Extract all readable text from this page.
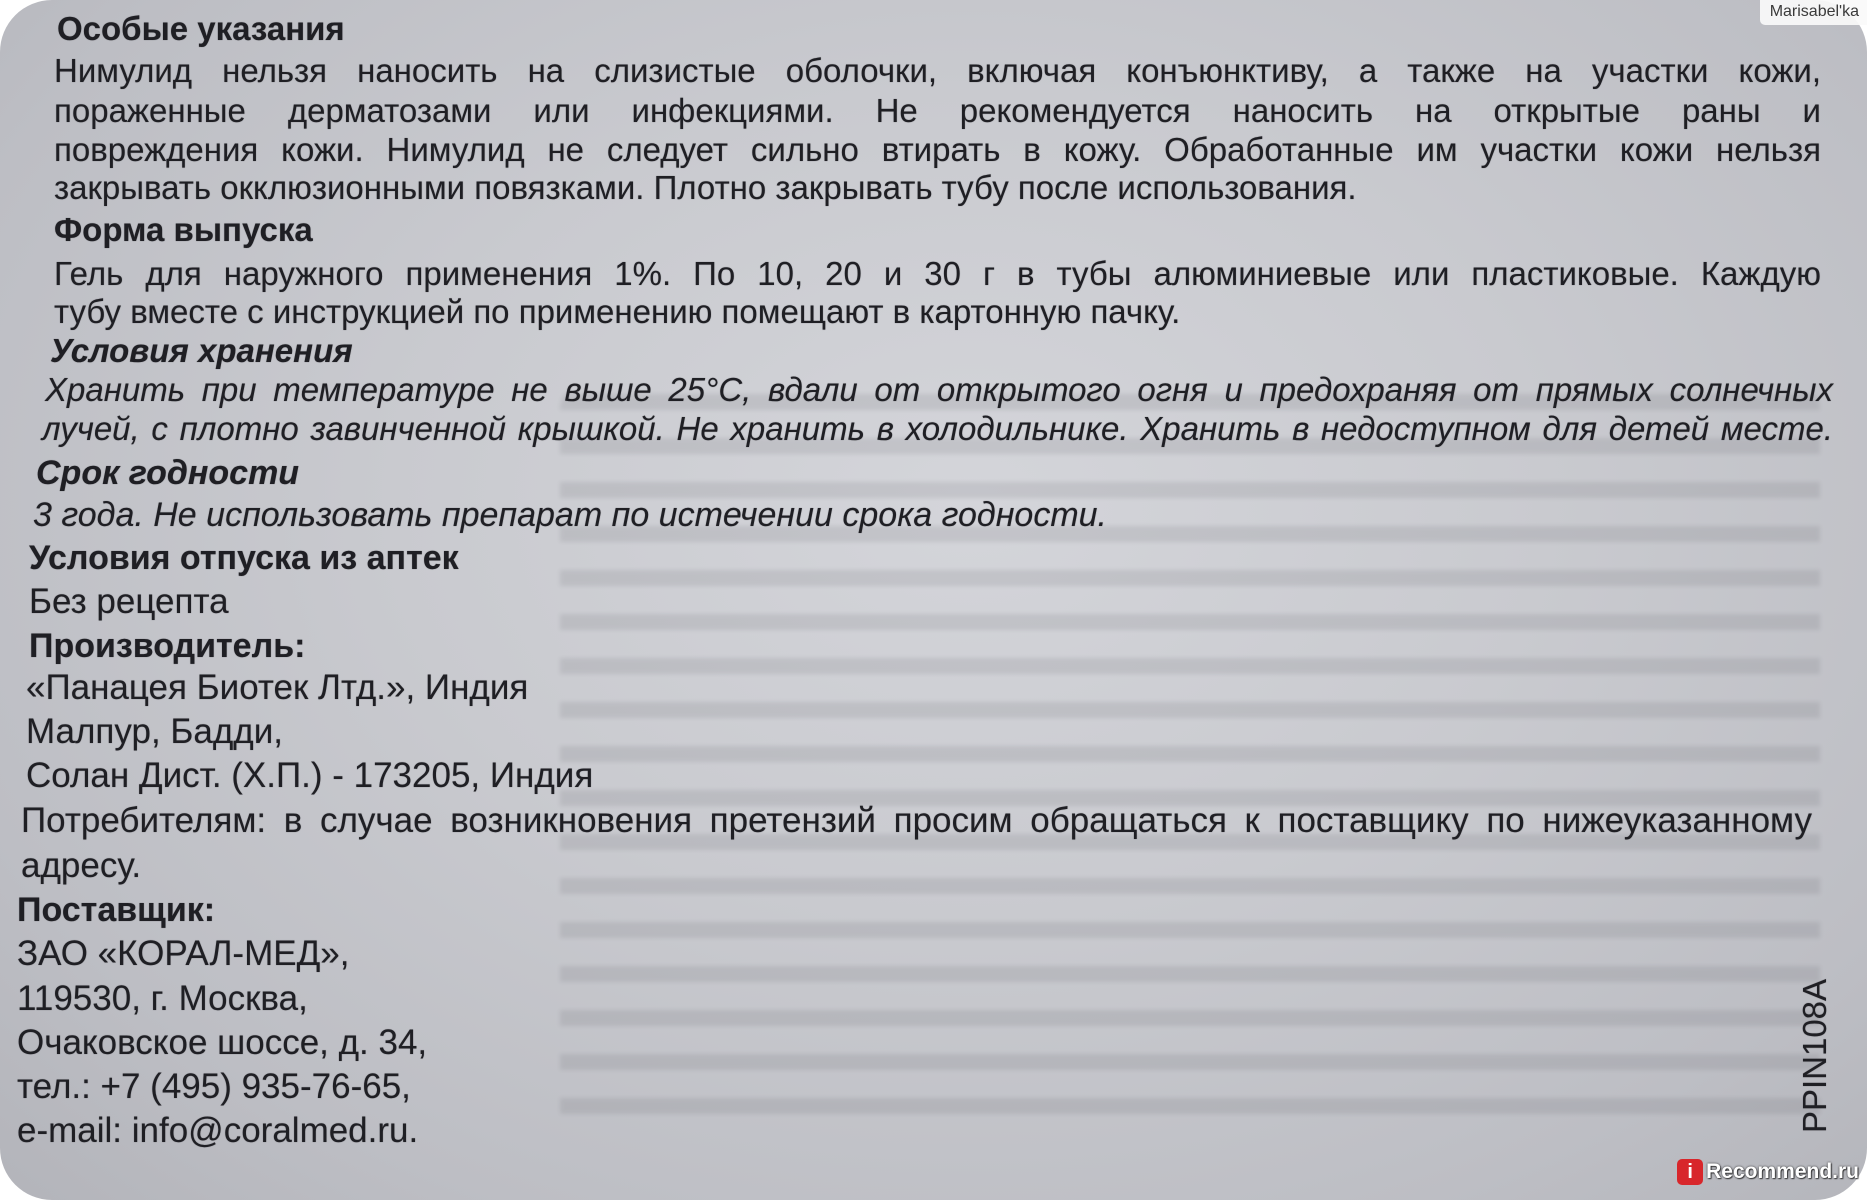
Особые указания
Нимулид нельзя наносить на слизистые оболочки, включая конъюнктиву, а также на участки кожи,
пораженные дерматозами или инфекциями. Не рекомендуется наносить на открытые раны и
повреждения кожи. Нимулид не следует сильно втирать в кожу. Обработанные им участки кожи нельзя
закрывать окклюзионными повязками. Плотно закрывать тубу после использования.
Форма выпуска
Гель для наружного применения 1%. По 10, 20 и 30 г в тубы алюминиевые или пластиковые. Каждую
тубу вместе с инструкцией по применению помещают в картонную пачку.
Условия хранения
Хранить при температуре не выше 25°С, вдали от открытого огня и предохраняя от прямых солнечных
лучей, с плотно завинченной крышкой. Не хранить в холодильнике. Хранить в недоступном для детей месте.
Срок годности
3 года. Не использовать препарат по истечении срока годности.
Условия отпуска из аптек
Без рецепта
Производитель:
«Панацея Биотек Лтд.», Индия
Малпур, Бадди,
Солан Дист. (Х.П.) - 173205, Индия
Потребителям: в случае возникновения претензий просим обращаться к поставщику по нижеуказанному
адресу.
Поставщик:
ЗАО «КОРАЛ-МЕД»,
119530, г. Москва,
Очаковское шоссе, д. 34,
тел.: +7 (495) 935-76-65,
e-mail: info@coralmed.ru.	PPIN108A
Marisabel'ka
i Recommend.ru
